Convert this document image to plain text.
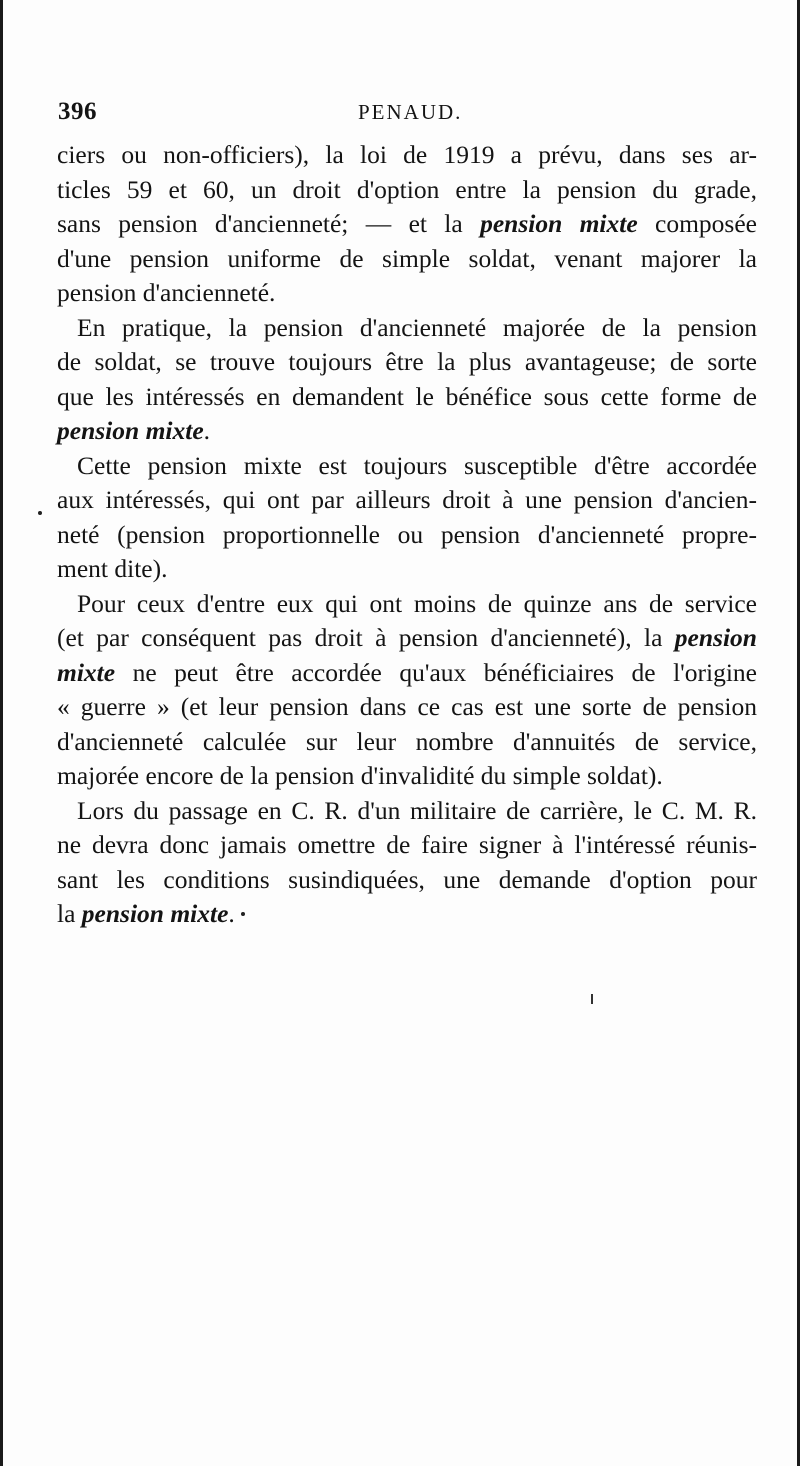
396	PENAUD.
ciers ou non-officiers), la loi de 1919 a prévu, dans ses ar-
ticles 59 et 60, un droit d'option entre la pension du grade,
sans pension d'ancienneté; — et la pension mixte composée
d'une pension uniforme de simple soldat, venant majorer la
pension d'ancienneté.
En pratique, la pension d'ancienneté majorée de la pension
de soldat, se trouve toujours être la plus avantageuse; de sorte
que les intéressés en demandent le bénéfice sous cette forme de
pension mixte.
Cette pension mixte est toujours susceptible d'être accordée
aux intéressés, qui ont par ailleurs droit à une pension d'ancien-
neté (pension proportionnelle ou pension d'ancienneté propre-
ment dite).
Pour ceux d'entre eux qui ont moins de quinze ans de service
(et par conséquent pas droit à pension d'ancienneté), la pension
mixte ne peut être accordée qu'aux bénéficiaires de l'origine
« guerre » (et leur pension dans ce cas est une sorte de pension
d'ancienneté calculée sur leur nombre d'annuités de service,
majorée encore de la pension d'invalidité du simple soldat).
Lors du passage en C. R. d'un militaire de carrière, le C. M. R.
ne devra donc jamais omettre de faire signer à l'intéressé réunis-
sant les conditions susindiquées, une demande d'option pour
la pension mixte.
